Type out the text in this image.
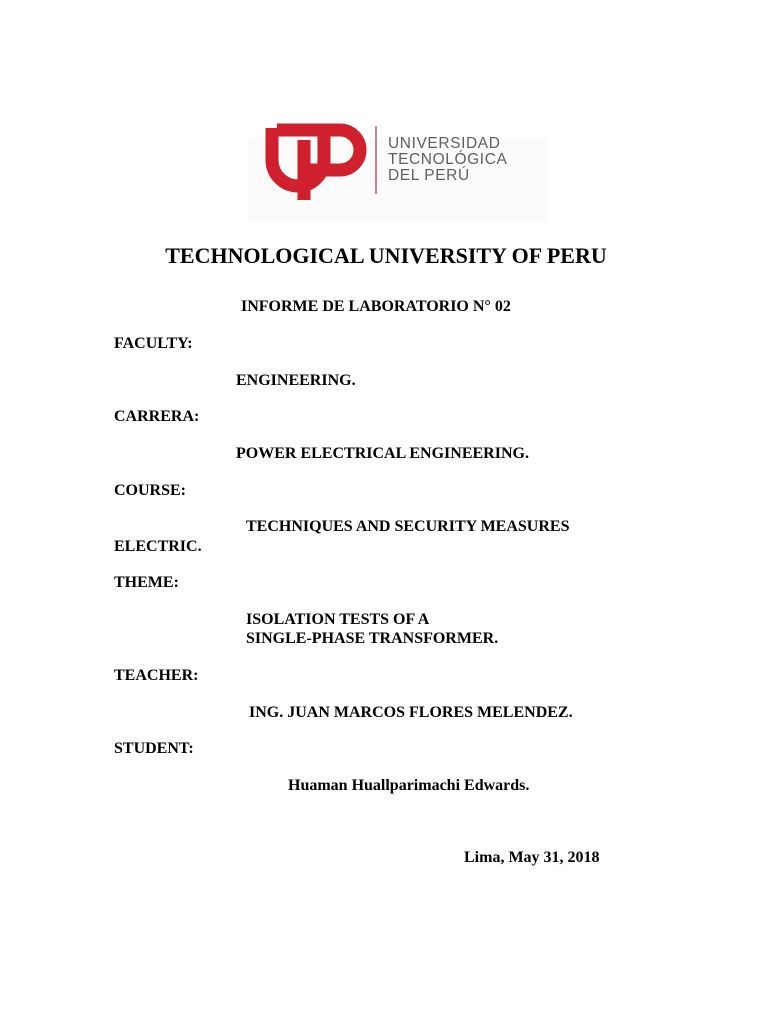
UNIVERSIDAD
TECNOLÓGICA
DEL PERÚ
TECHNOLOGICAL UNIVERSITY OF PERU
INFORME DE LABORATORIO N° 02
FACULTY:
ENGINEERING.
CARRERA:
POWER ELECTRICAL ENGINEERING.
COURSE:
TECHNIQUES AND SECURITY MEASURES
ELECTRIC.
THEME:
ISOLATION TESTS OF A
SINGLE-PHASE TRANSFORMER.
TEACHER:
ING. JUAN MARCOS FLORES MELENDEZ.
STUDENT:
Huaman Huallparimachi Edwards.
Lima, May 31, 2018
